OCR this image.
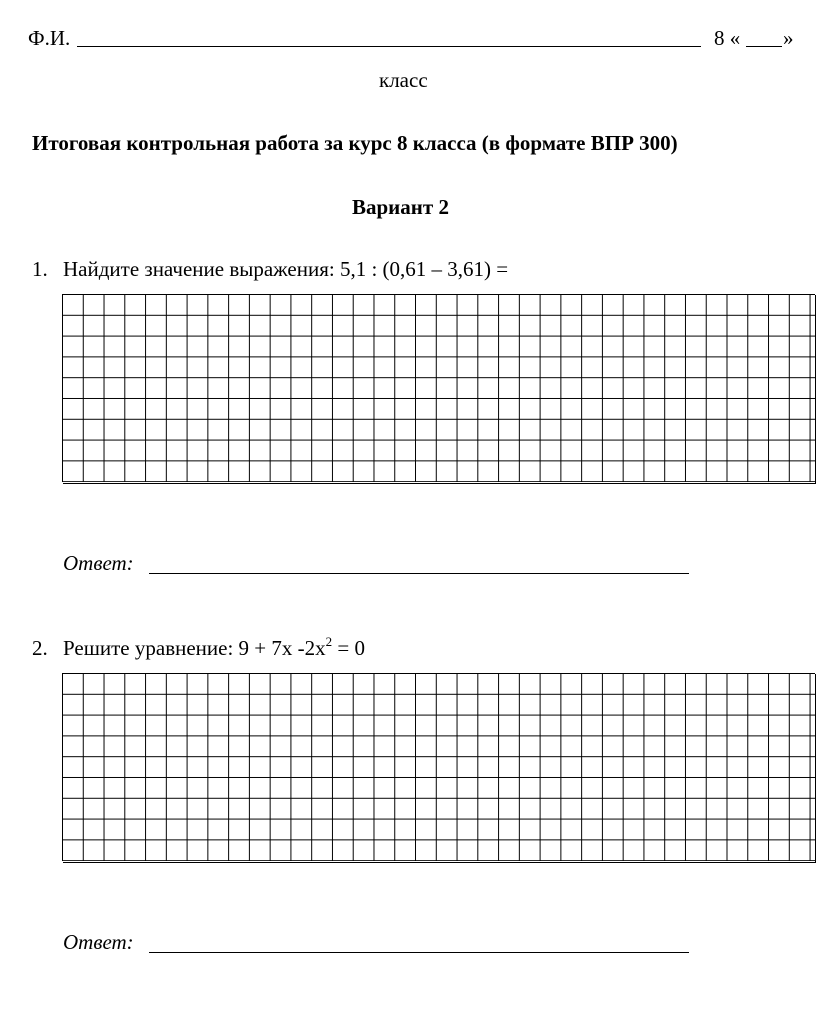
Ф.И.	8 « »
класс
Итоговая контрольная работа за курс 8 класса (в формате ВПР 300)
Вариант 2
1. Найдите значение выражения: 5,1 : (0,61 – 3,61) =
Ответ:
2. Решите уравнение: 9 + 7x $-2x^2 = 0$
Ответ:
